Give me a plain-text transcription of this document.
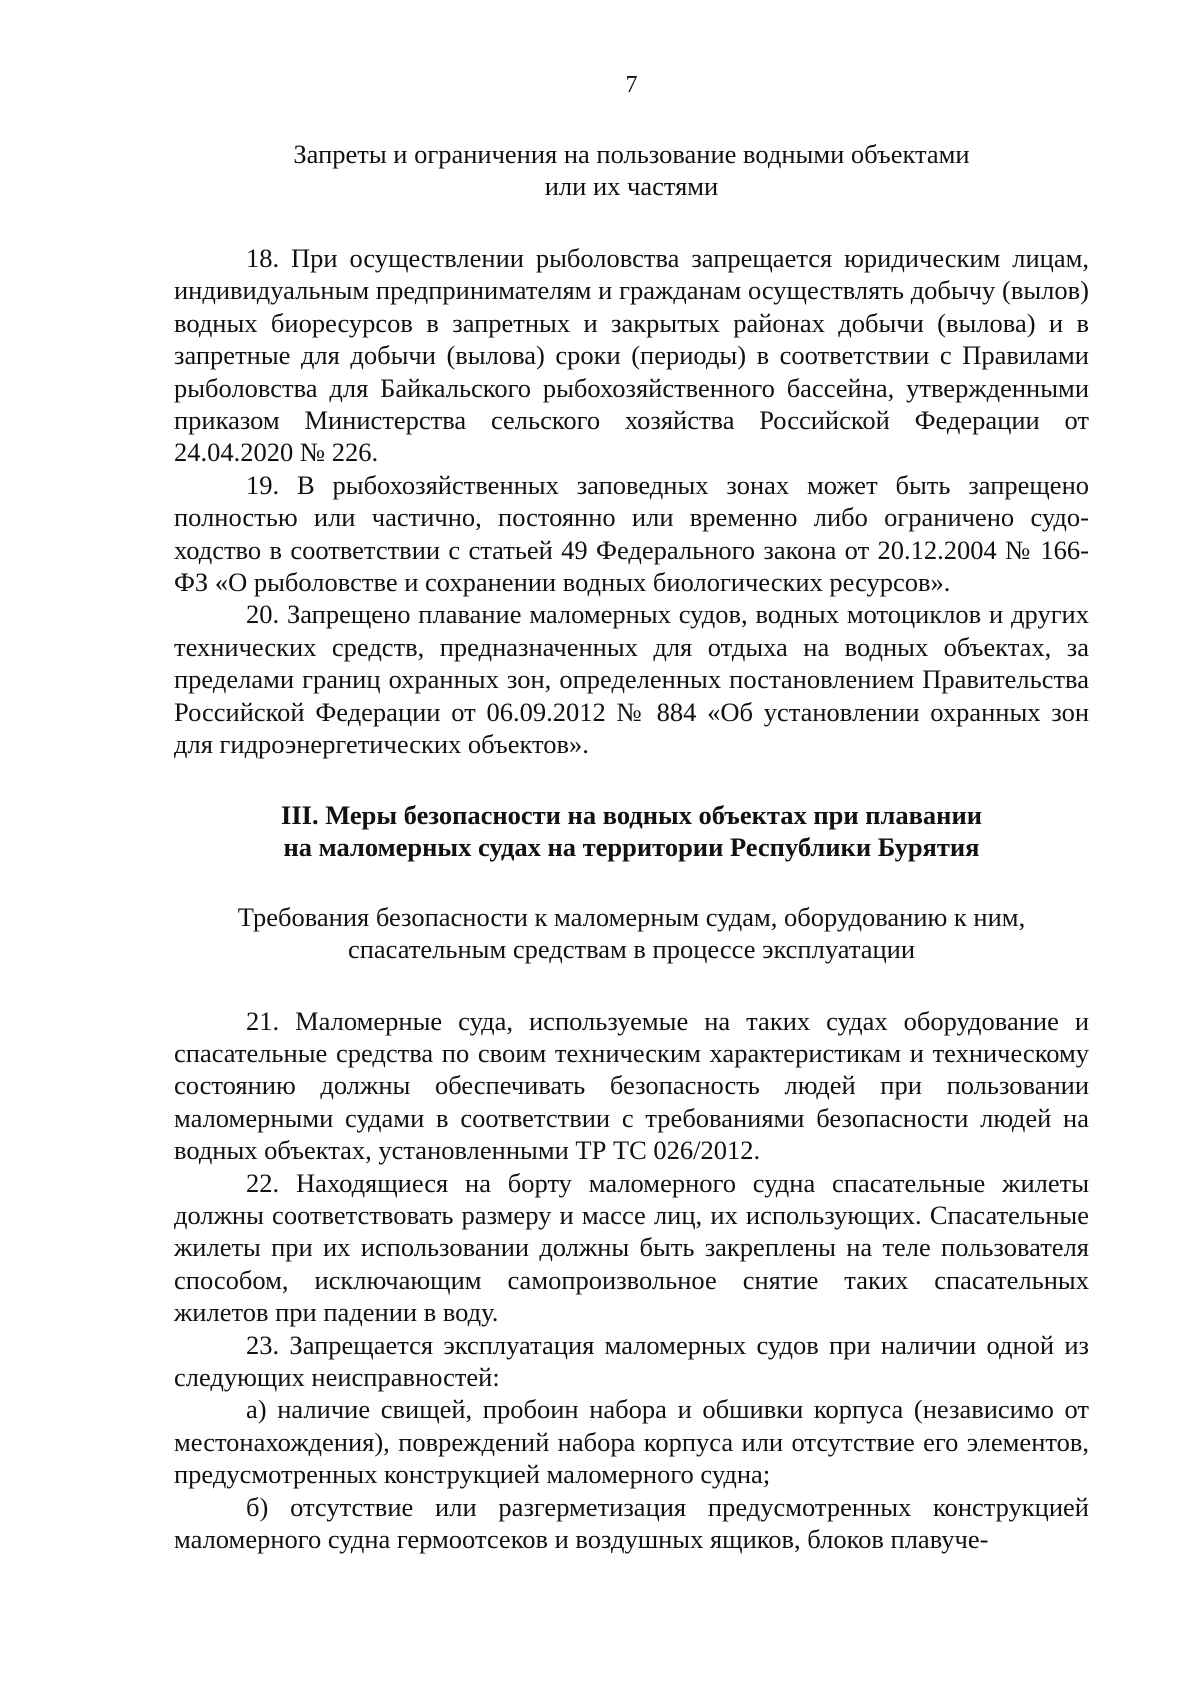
7
Запреты и ограничения на пользование водными объектами
или их частями

18. При осуществлении рыболовства запрещается юридическим лицам, индивидуальным предпринимателям и гражданам осуществлять добычу (вылов) водных биоресурсов в запретных и закрытых районах добычи (вылова) и в запретные для добычи (вылова) сроки (периоды) в соответствии с Правилами рыболовства для Байкальского рыбохозяйственного бассейна, утвержденными приказом Министерства сельского хозяйства Российской Федерации от 24.04.2020 № 226.

19. В рыбохозяйственных заповедных зонах может быть запрещено полностью или частично, постоянно или временно либо ограничено судоходство в соответствии с статьей 49 Федерального закона от 20.12.2004 № 166-ФЗ «О рыболовстве и сохранении водных биологических ресурсов».

20. Запрещено плавание маломерных судов, водных мотоциклов и других технических средств, предназначенных для отдыха на водных объектах, за пределами границ охранных зон, определенных постановлением Правительства Российской Федерации от 06.09.2012 № 884 «Об установлении охранных зон для гидроэнергетических объектов».

III. Меры безопасности на водных объектах при плавании
на маломерных судах на территории Республики Бурятия
Требования безопасности к маломерным судам, оборудованию к ним,
спасательным средствам в процессе эксплуатации

21. Маломерные суда, используемые на таких судах оборудование и спасательные средства по своим техническим характеристикам и техническому состоянию должны обеспечивать безопасность людей при пользовании маломерными судами в соответствии с требованиями безопасности людей на водных объектах, установленными ТР ТС 026/2012.

22. Находящиеся на борту маломерного судна спасательные жилеты должны соответствовать размеру и массе лиц, их использующих. Спасательные жилеты при их использовании должны быть закреплены на теле пользователя способом, исключающим самопроизвольное снятие таких спасательных жилетов при падении в воду.

23. Запрещается эксплуатация маломерных судов при наличии одной из следующих неисправностей:

а) наличие свищей, пробоин набора и обшивки корпуса (независимо от местонахождения), повреждений набора корпуса или отсутствие его элементов, предусмотренных конструкцией маломерного судна;

б) отсутствие или разгерметизация предусмотренных конструкцией маломерного судна гермоотсеков и воздушных ящиков, блоков плавуче-
